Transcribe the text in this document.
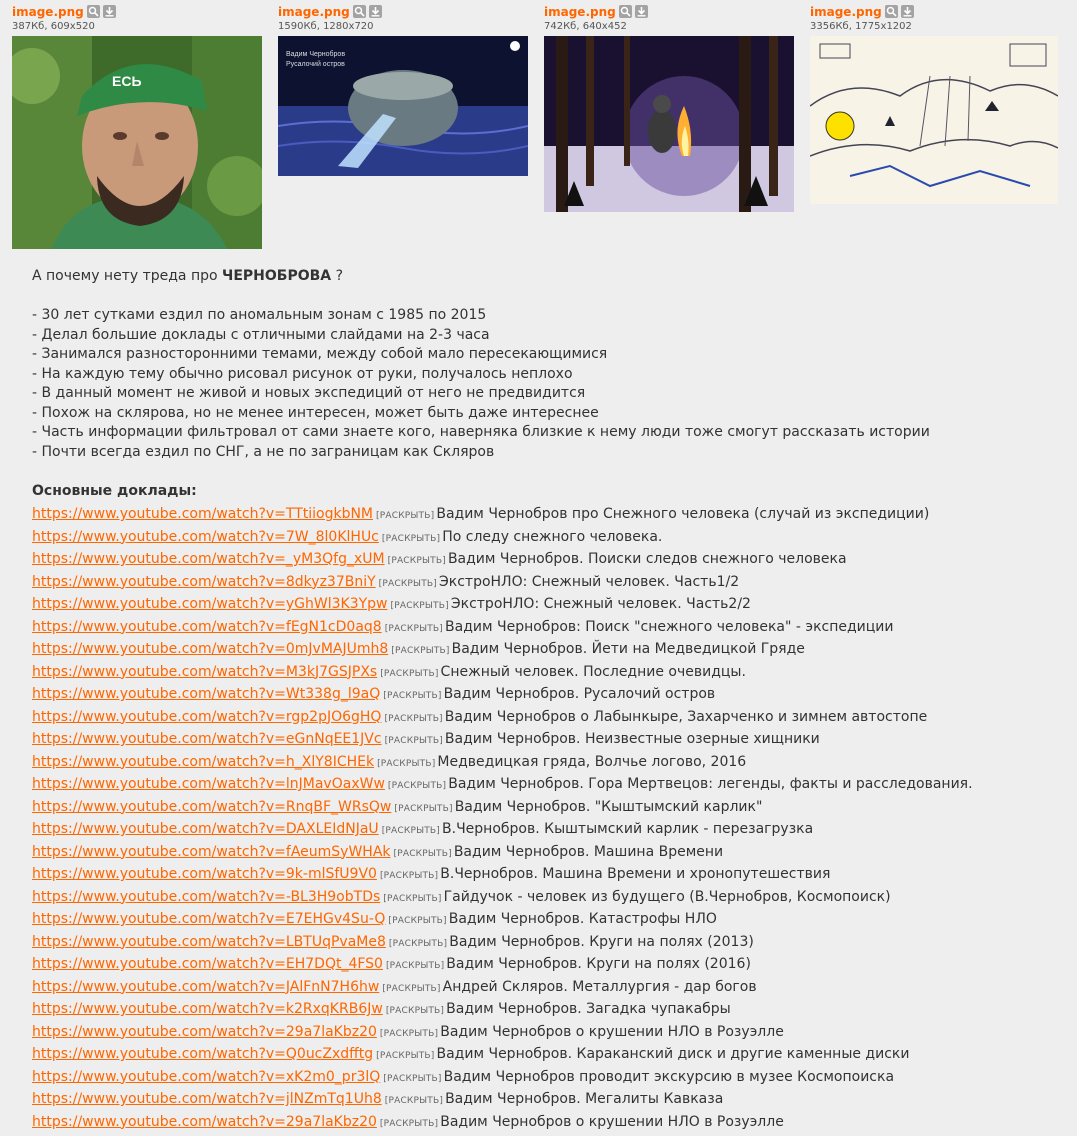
image.png
387Кб, 609x520
ЕСЬ
image.png
1590Кб, 1280x720
Вадим Чернобров
Русалочий остров
image.png
742Кб, 640x452
image.png
3356Кб, 1775x1202
А почему нету треда про ЧЕРНОБРОВА ?
- 30 лет сутками ездил по аномальным зонам с 1985 по 2015
- Делал большие доклады с отличными слайдами на 2-3 часа
- Занимался разносторонними темами, между собой мало пересекающимися
- На каждую тему обычно рисовал рисунок от руки, получалось неплохо
- В данный момент не живой и новых экспедиций от него не предвидится
- Похож на склярова, но не менее интересен, может быть даже интереснее
- Часть информации фильтровал от сами знаете кого, наверняка близкие к нему люди тоже смогут рассказать истории
- Почти всегда ездил по СНГ, а не по заграницам как Скляров
Основные доклады:
https://www.youtube.com/watch?v=TTtiiogkbNM [РАСКРЫТЬ] Вадим Чернобров про Снежного человека (случай из экспедиции)
https://www.youtube.com/watch?v=7W_8l0KlHUc [РАСКРЫТЬ] По следу снежного человека.
https://www.youtube.com/watch?v=_yM3Qfg_xUM [РАСКРЫТЬ] Вадим Чернобров. Поиски следов снежного человека
https://www.youtube.com/watch?v=8dkyz37BniY [РАСКРЫТЬ] ЭкстроНЛО: Снежный человек. Часть1/2
https://www.youtube.com/watch?v=yGhWl3K3Ypw [РАСКРЫТЬ] ЭкстроНЛО: Снежный человек. Часть2/2
https://www.youtube.com/watch?v=fEgN1cD0aq8 [РАСКРЫТЬ] Вадим Чернобров: Поиск "снежного человека" - экспедиции
https://www.youtube.com/watch?v=0mJvMAJUmh8 [РАСКРЫТЬ] Вадим Чернобров. Йети на Медведицкой Гряде
https://www.youtube.com/watch?v=M3kJ7GSJPXs [РАСКРЫТЬ] Снежный человек. Последние очевидцы.
https://www.youtube.com/watch?v=Wt338g_l9aQ [РАСКРЫТЬ] Вадим Чернобров. Русалочий остров
https://www.youtube.com/watch?v=rgp2pJO6gHQ [РАСКРЫТЬ] Вадим Чернобров о Лабынкыре, Захарченко и зимнем автостопе
https://www.youtube.com/watch?v=eGnNqEE1JVc [РАСКРЫТЬ] Вадим Чернобров. Неизвестные озерные хищники
https://www.youtube.com/watch?v=h_XlY8ICHEk [РАСКРЫТЬ] Медведицкая гряда, Волчье логово, 2016
https://www.youtube.com/watch?v=lnJMavOaxWw [РАСКРЫТЬ] Вадим Чернобров. Гора Мертвецов: легенды, факты и расследования.
https://www.youtube.com/watch?v=RnqBF_WRsQw [РАСКРЫТЬ] Вадим Чернобров. "Кыштымский карлик"
https://www.youtube.com/watch?v=DAXLEIdNJaU [РАСКРЫТЬ] В.Чернобров. Кыштымский карлик - перезагрузка
https://www.youtube.com/watch?v=fAeumSyWHAk [РАСКРЫТЬ] Вадим Чернобров. Машина Времени
https://www.youtube.com/watch?v=9k-mlSfU9V0 [РАСКРЫТЬ] В.Чернобров. Машина Времени и хронопутешествия
https://www.youtube.com/watch?v=-BL3H9obTDs [РАСКРЫТЬ] Гайдучок - человек из будущего (В.Чернобров, Космопоиск)
https://www.youtube.com/watch?v=E7EHGv4Su-Q [РАСКРЫТЬ] Вадим Чернобров. Катастрофы НЛО
https://www.youtube.com/watch?v=LBTUqPvaMe8 [РАСКРЫТЬ] Вадим Чернобров. Круги на полях (2013)
https://www.youtube.com/watch?v=EH7DQt_4FS0 [РАСКРЫТЬ] Вадим Чернобров. Круги на полях (2016)
https://www.youtube.com/watch?v=JAlFnN7H6hw [РАСКРЫТЬ] Андрей Скляров. Металлургия - дар богов
https://www.youtube.com/watch?v=k2RxqKRB6Jw [РАСКРЫТЬ] Вадим Чернобров. Загадка чупакабры
https://www.youtube.com/watch?v=29a7laKbz20 [РАСКРЫТЬ] Вадим Чернобров о крушении НЛО в Розуэлле
https://www.youtube.com/watch?v=Q0ucZxdfftg [РАСКРЫТЬ] Вадим Чернобров. Караканский диск и другие каменные диски
https://www.youtube.com/watch?v=xK2m0_pr3lQ [РАСКРЫТЬ] Вадим Чернобров проводит экскурсию в музее Космопоиска
https://www.youtube.com/watch?v=jlNZmTq1Uh8 [РАСКРЫТЬ] Вадим Чернобров. Мегалиты Кавказа
https://www.youtube.com/watch?v=29a7laKbz20 [РАСКРЫТЬ] Вадим Чернобров о крушении НЛО в Розуэлле
